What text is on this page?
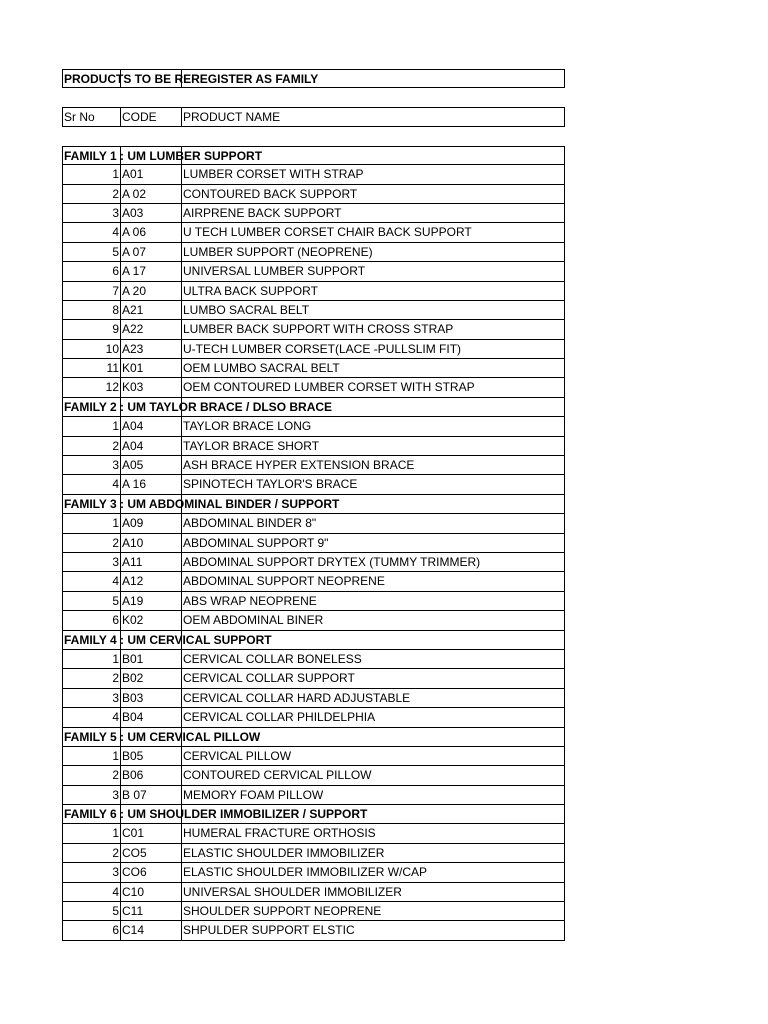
PRODUCTS TO BE REREGISTER AS FAMILY
Sr No	CODE	PRODUCT NAME
FAMILY 1 : UM LUMBER SUPPORT
1 A01	LUMBER CORSET WITH STRAP
2 A 02	CONTOURED BACK SUPPORT
3 A03	AIRPRENE BACK SUPPORT
4 A 06	U TECH LUMBER CORSET CHAIR BACK SUPPORT
5 A 07	LUMBER SUPPORT (NEOPRENE)
6 A 17	UNIVERSAL LUMBER SUPPORT
7 A 20	ULTRA BACK SUPPORT
8 A21	LUMBO SACRAL BELT
9 A22	LUMBER BACK SUPPORT WITH CROSS STRAP
10 A23	U-TECH LUMBER CORSET(LACE -PULLSLIM FIT)
11 K01	OEM LUMBO SACRAL BELT
12 K03	OEM CONTOURED LUMBER CORSET WITH STRAP
FAMILY 2 : UM TAYLOR BRACE / DLSO BRACE
1 A04	TAYLOR BRACE LONG
2 A04	TAYLOR BRACE SHORT
3 A05	ASH BRACE HYPER EXTENSION BRACE
4 A 16	SPINOTECH TAYLOR'S BRACE
FAMILY 3 : UM ABDOMINAL BINDER / SUPPORT
1 A09	ABDOMINAL BINDER 8"
2 A10	ABDOMINAL SUPPORT 9"
3 A11	ABDOMINAL SUPPORT DRYTEX (TUMMY TRIMMER)
4 A12	ABDOMINAL SUPPORT NEOPRENE
5 A19	ABS WRAP NEOPRENE
6 K02	OEM ABDOMINAL BINER
FAMILY 4 : UM CERVICAL SUPPORT
1 B01	CERVICAL COLLAR BONELESS
2 B02	CERVICAL COLLAR SUPPORT
3 B03	CERVICAL COLLAR HARD ADJUSTABLE
4 B04	CERVICAL COLLAR PHILDELPHIA
FAMILY 5 : UM CERVICAL PILLOW
1 B05	CERVICAL PILLOW
2 B06	CONTOURED CERVICAL PILLOW
3 B 07	MEMORY FOAM PILLOW
FAMILY 6 : UM SHOULDER IMMOBILIZER / SUPPORT
1 C01	HUMERAL FRACTURE ORTHOSIS
2 CO5	ELASTIC SHOULDER IMMOBILIZER
3 CO6	ELASTIC SHOULDER IMMOBILIZER W/CAP
4 C10	UNIVERSAL SHOULDER IMMOBILIZER
5 C11	SHOULDER SUPPORT NEOPRENE
6 C14	SHPULDER SUPPORT ELSTIC
